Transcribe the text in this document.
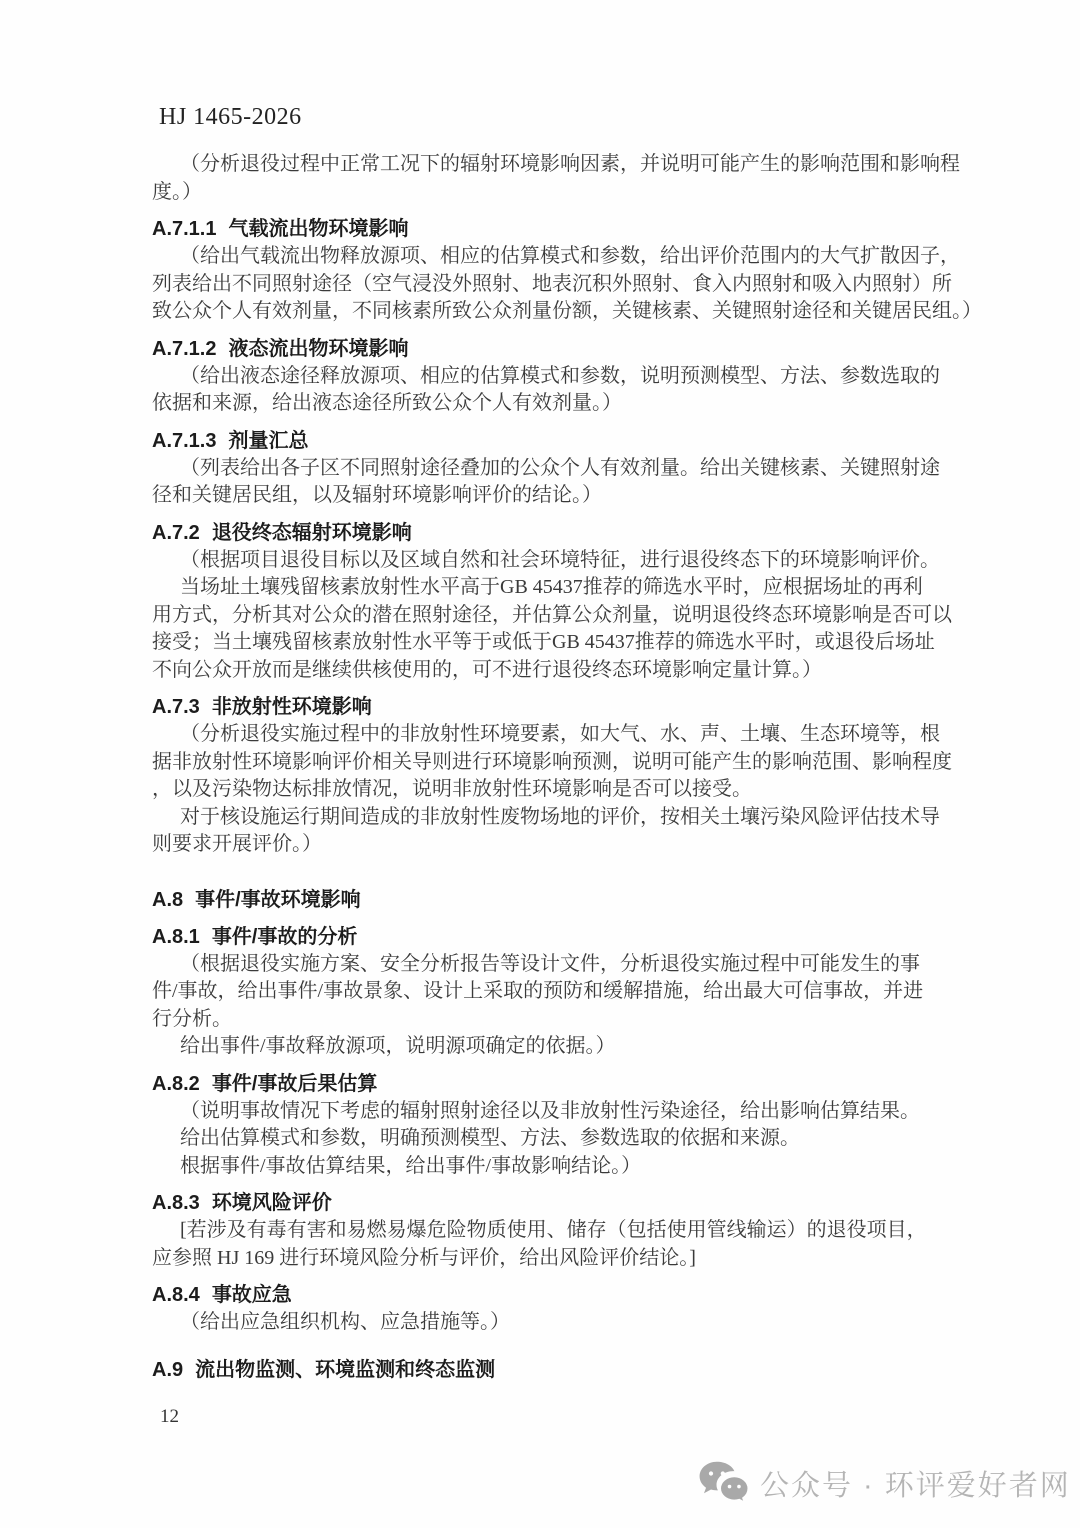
HJ 1465-2026

（分析退役过程中正常工况下的辐射环境影响因素，并说明可能产生的影响范围和影响程

度。）

A.7.1.1 气载流出物环境影响

（给出气载流出物释放源项、相应的估算模式和参数，给出评价范围内的大气扩散因子，

列表给出不同照射途径（空气浸没外照射、地表沉积外照射、食入内照射和吸入内照射）所

致公众个人有效剂量，不同核素所致公众剂量份额，关键核素、关键照射途径和关键居民组。）

A.7.1.2 液态流出物环境影响

（给出液态途径释放源项、相应的估算模式和参数，说明预测模型、方法、参数选取的

依据和来源，给出液态途径所致公众个人有效剂量。）

A.7.1.3 剂量汇总

（列表给出各子区不同照射途径叠加的公众个人有效剂量。给出关键核素、关键照射途

径和关键居民组，以及辐射环境影响评价的结论。）

A.7.2 退役终态辐射环境影响

（根据项目退役目标以及区域自然和社会环境特征，进行退役终态下的环境影响评价。

当场址土壤残留核素放射性水平高于GB 45437推荐的筛选水平时，应根据场址的再利

用方式，分析其对公众的潜在照射途径，并估算公众剂量，说明退役终态环境影响是否可以

接受；当土壤残留核素放射性水平等于或低于GB 45437推荐的筛选水平时，或退役后场址

不向公众开放而是继续供核使用的，可不进行退役终态环境影响定量计算。）

A.7.3 非放射性环境影响

（分析退役实施过程中的非放射性环境要素，如大气、水、声、土壤、生态环境等，根

据非放射性环境影响评价相关导则进行环境影响预测，说明可能产生的影响范围、影响程度

，以及污染物达标排放情况，说明非放射性环境影响是否可以接受。

对于核设施运行期间造成的非放射性废物场地的评价，按相关土壤污染风险评估技术导

则要求开展评价。）

A.8 事件/事故环境影响

A.8.1 事件/事故的分析

（根据退役实施方案、安全分析报告等设计文件，分析退役实施过程中可能发生的事

件/事故，给出事件/事故景象、设计上采取的预防和缓解措施，给出最大可信事故，并进

行分析。

给出事件/事故释放源项，说明源项确定的依据。）

A.8.2 事件/事故后果估算

（说明事故情况下考虑的辐射照射途径以及非放射性污染途径，给出影响估算结果。

给出估算模式和参数，明确预测模型、方法、参数选取的依据和来源。

根据事件/事故估算结果，给出事件/事故影响结论。）

A.8.3 环境风险评价

[若涉及有毒有害和易燃易爆危险物质使用、储存（包括使用管线输运）的退役项目，

应参照 HJ 169 进行环境风险分析与评价，给出风险评价结论。]

A.8.4 事故应急

（给出应急组织机构、应急措施等。）

A.9 流出物监测、环境监测和终态监测

12
公众号 · 环评爱好者网
